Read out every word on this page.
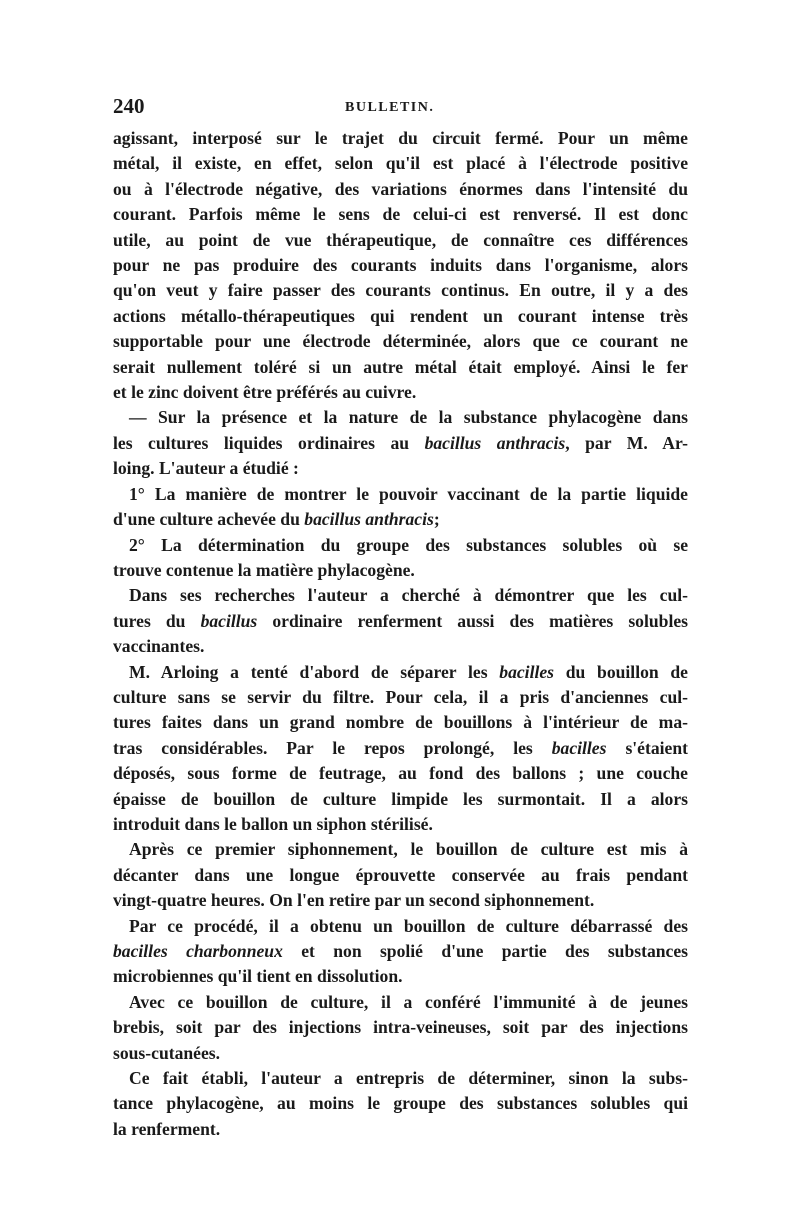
240	BULLETIN.
agissant, interposé sur le trajet du circuit fermé. Pour un même
métal, il existe, en effet, selon qu'il est placé à l'électrode positive
ou à l'électrode négative, des variations énormes dans l'intensité du
courant. Parfois même le sens de celui-ci est renversé. Il est donc
utile, au point de vue thérapeutique, de connaître ces différences
pour ne pas produire des courants induits dans l'organisme, alors
qu'on veut y faire passer des courants continus. En outre, il y a des
actions métallo-thérapeutiques qui rendent un courant intense très
supportable pour une électrode déterminée, alors que ce courant ne
serait nullement toléré si un autre métal était employé. Ainsi le fer
et le zinc doivent être préférés au cuivre.
— Sur la présence et la nature de la substance phylacogène dans
les cultures liquides ordinaires au bacillus anthracis, par M. Ar-
loing. L'auteur a étudié :
1° La manière de montrer le pouvoir vaccinant de la partie liquide
d'une culture achevée du bacillus anthracis;
2° La détermination du groupe des substances solubles où se
trouve contenue la matière phylacogène.
Dans ses recherches l'auteur a cherché à démontrer que les cul-
tures du bacillus ordinaire renferment aussi des matières solubles
vaccinantes.
M. Arloing a tenté d'abord de séparer les bacilles du bouillon de
culture sans se servir du filtre. Pour cela, il a pris d'anciennes cul-
tures faites dans un grand nombre de bouillons à l'intérieur de ma-
tras considérables. Par le repos prolongé, les bacilles s'étaient
déposés, sous forme de feutrage, au fond des ballons ; une couche
épaisse de bouillon de culture limpide les surmontait. Il a alors
introduit dans le ballon un siphon stérilisé.
Après ce premier siphonnement, le bouillon de culture est mis à
décanter dans une longue éprouvette conservée au frais pendant
vingt-quatre heures. On l'en retire par un second siphonnement.
Par ce procédé, il a obtenu un bouillon de culture débarrassé des
bacilles charbonneux et non spolié d'une partie des substances
microbiennes qu'il tient en dissolution.
Avec ce bouillon de culture, il a conféré l'immunité à de jeunes
brebis, soit par des injections intra-veineuses, soit par des injections
sous-cutanées.
Ce fait établi, l'auteur a entrepris de déterminer, sinon la subs-
tance phylacogène, au moins le groupe des substances solubles qui
la renferment.
